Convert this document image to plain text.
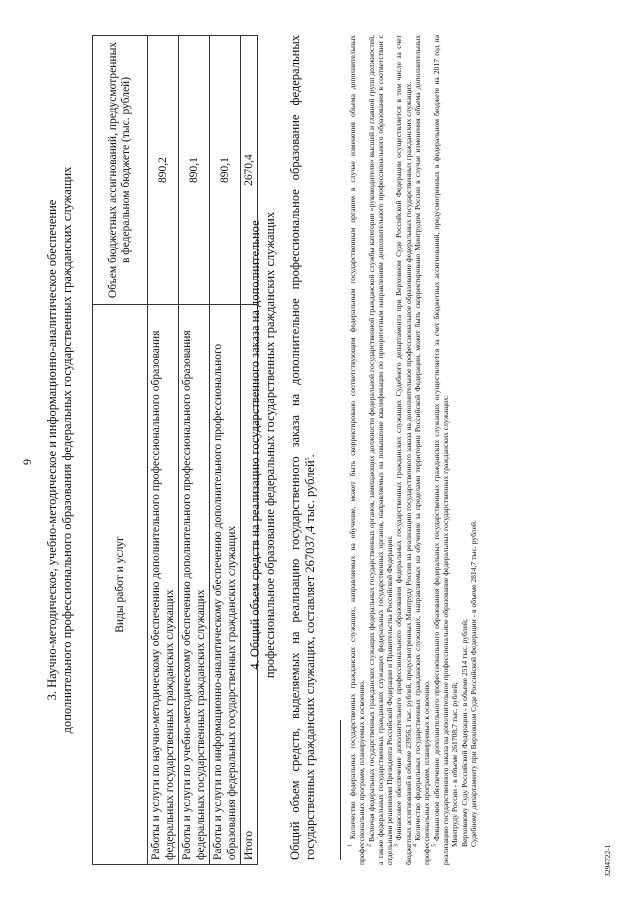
9 3. Научно-методическое, учебно-методическое и информационно-аналитическое обеспечение дополнительного профессионального образования федеральных государственных гражданских служащих	Виды работ и услуг	Объем бюджетных ассигнований, предусмотренных в федеральном бюджете (тыс. рублей)
Работы и услуги по научно-методическому обеспечению дополнительного профессионального образования федеральных государственных гражданских служащих	890,2
Работы и услуги по учебно-методическому обеспечению дополнительного профессионального образования федеральных государственных гражданских служащих	890,1
Работы и услуги по информационно-аналитическому обеспечению дополнительного профессионального образования федеральных государственных гражданских служащих	890,1
Итого	2670,4
4. Общий объем средств на реализацию государственного заказа на дополнительное профессиональное образование федеральных государственных гражданских служащих Общий объем средств, выделяемых на реализацию государственного заказа на дополнительное профессиональное образование федеральных государственных гражданских служащих, составляет 267037,4 тыс. рублей$^5$.

$^1$ Количество федеральных государственных гражданских служащих, направляемых на обучение, может быть скорректировано соответствующим федеральным государственным органом в случае изменения объема дополнительных профессиональных программ, планируемых к освоению. $^2$ Включая федеральных государственных гражданских служащих федеральных государственных органов, замещающих должности федеральной государственной гражданской службы категории «руководители» высшей и главной групп должностей, а также федеральных государственных гражданских служащих федеральных государственных органов, направляемых на повышение квалификации по приоритетным направлениям дополнительного профессионального образования в соответствии с отдельными решениями Президента Российской Федерации и Правительства Российской Федерации. $^3$ Финансовое обеспечение дополнительного профессионального образования федеральных государственных гражданских служащих Судебного департамента при Верховном Суде Российской Федерации осуществляется в том числе за счет бюджетных ассигнований в объеме 23956,1 тыс. рублей, предусмотренных Минтруду России на реализацию государственного заказа на дополнительное профессиональное образование федеральных государственных гражданских служащих. $^4$ Количество федеральных государственных гражданских служащих, направляемых на обучение за пределами территории Российской Федерации, может быть скорректировано Минтрудом России в случае изменения объема дополнительных профессиональных программ, планируемых к освоению. $^5$ Финансовое обеспечение дополнительного профессионального образования федеральных государственных гражданских служащих осуществляется за счет бюджетных ассигнований, предусмотренных в федеральном бюджете на 2017 год на реализацию государственного заказа на дополнительное профессиональное образование федеральных государственных гражданских служащих: Минтруду России - в объеме 261708,7 тыс. рублей; Верховному Суду Российской Федерации - в объеме 2514 тыс. рублей; Судебному департаменту при Верховном Суде Российской Федерации - в объеме 2814,7 тыс. рублей.

3294722-1
